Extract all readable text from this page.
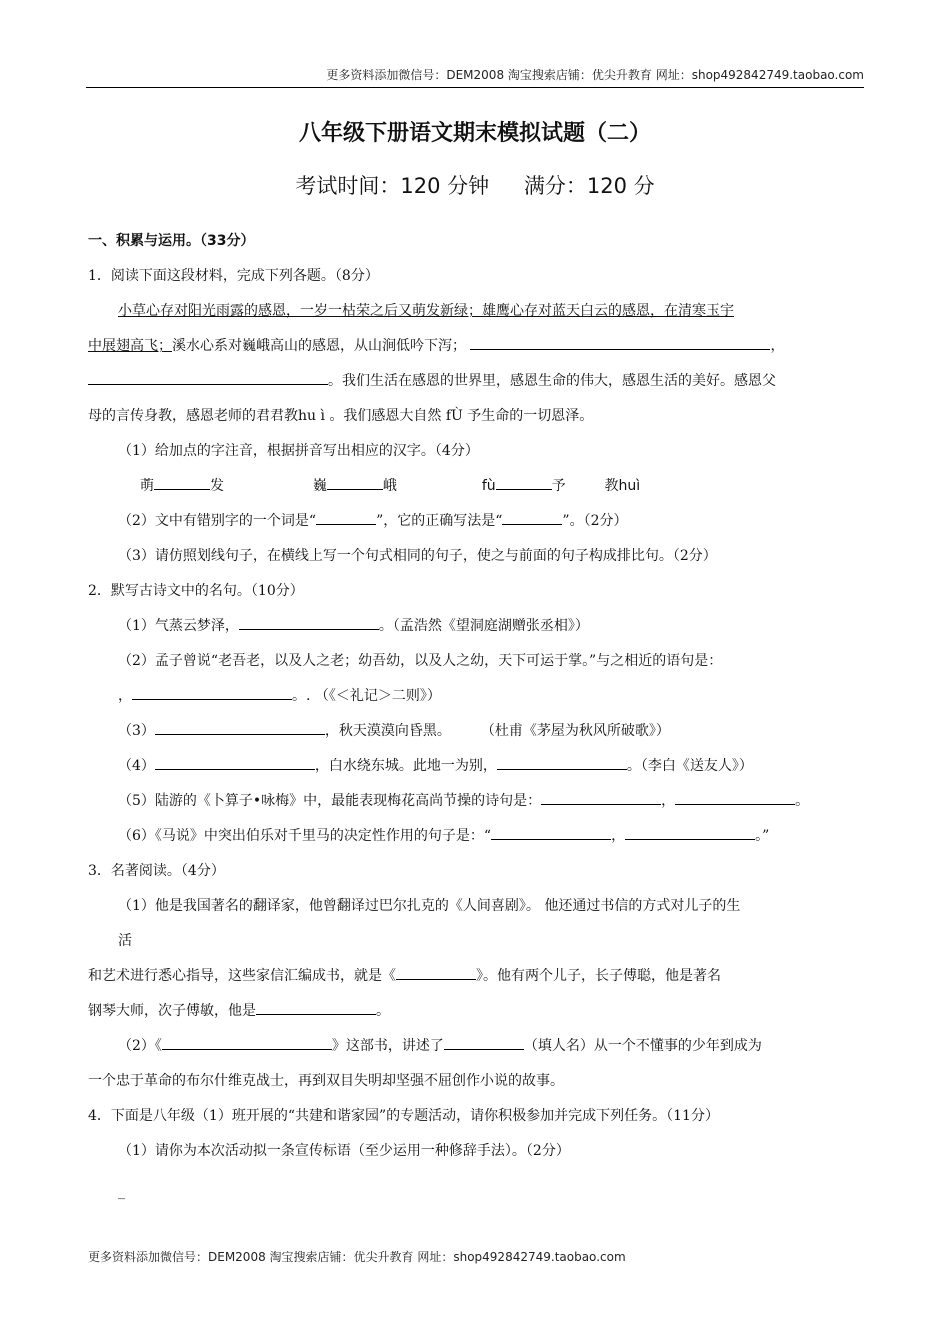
更多资料添加微信号：DEM2008 淘宝搜索店铺：优尖升教育 网址：shop492842749.taobao.com
八年级下册语文期末模拟试题（二）
考试时间：120 分钟 满分：120 分
一、积累与运用。（33分）
1．阅读下面这段材料，完成下列各题。（8分）
小草心存对阳光雨露的感恩，一岁一枯荣之后又萌发新绿；雄鹰心存对蓝天白云的感恩，在清寒玉宇
中展翅高飞；溪水心系对巍峨高山的感恩，从山涧低吟下泻；	，
。我们生活在感恩的世界里，感恩生命的伟大，感恩生活的美好。感恩父
母的言传身教，感恩老师的君君教hu ì 。我们感恩大自然 fÙ 予生命的一切恩泽。
（1）给加点的字注音，根据拼音写出相应的汉字。（4分）
萌	发	巍	峨	fù	予	教huì
（2）文中有错别字的一个词是“	”，它的正确写法是“	”。（2分）
（3）请仿照划线句子，在横线上写一个句式相同的句子，使之与前面的句子构成排比句。（2分）
2．默写古诗文中的名句。（10分）
（1）气蒸云梦泽，	。（孟浩然《望洞庭湖赠张丞相》）
（2）孟子曾说“老吾老，以及人之老；幼吾幼，以及人之幼，天下可运于掌。”与之相近的语句是：
，	。. （《＜礼记＞二则》）
（3）	，秋天漠漠向昏黑。 （杜甫《茅屋为秋风所破歌》）
（4）	，白水绕东城。此地一为别，	。（李白《送友人》）
（5）陆游的《卜算子•咏梅》中，最能表现梅花高尚节操的诗句是：	，	。
（6）《马说》中突出伯乐对千里马的决定性作用的句子是：“	，	。”
3．名著阅读。（4分）
（1）他是我国著名的翻译家，他曾翻译过巴尔扎克的《人间喜剧》。 他还通过书信的方式对儿子的生
活
和艺术进行悉心指导，这些家信汇编成书，就是《	》。他有两个儿子，长子傅聪，他是著名
钢琴大师，次子傅敏，他是	。
（2）《	》这部书，讲述了	（填人名）从一个不懂事的少年到成为
一个忠于革命的布尔什维克战士，再到双目失明却坚强不屈创作小说的故事。
4．下面是八年级（1）班开展的“共建和谐家园”的专题活动，请你积极参加并完成下列任务。（11分）
（1）请你为本次活动拟一条宣传标语（至少运用一种修辞手法）。（2分）
_
更多资料添加微信号：DEM2008 淘宝搜索店铺：优尖升教育 网址：shop492842749.taobao.com
